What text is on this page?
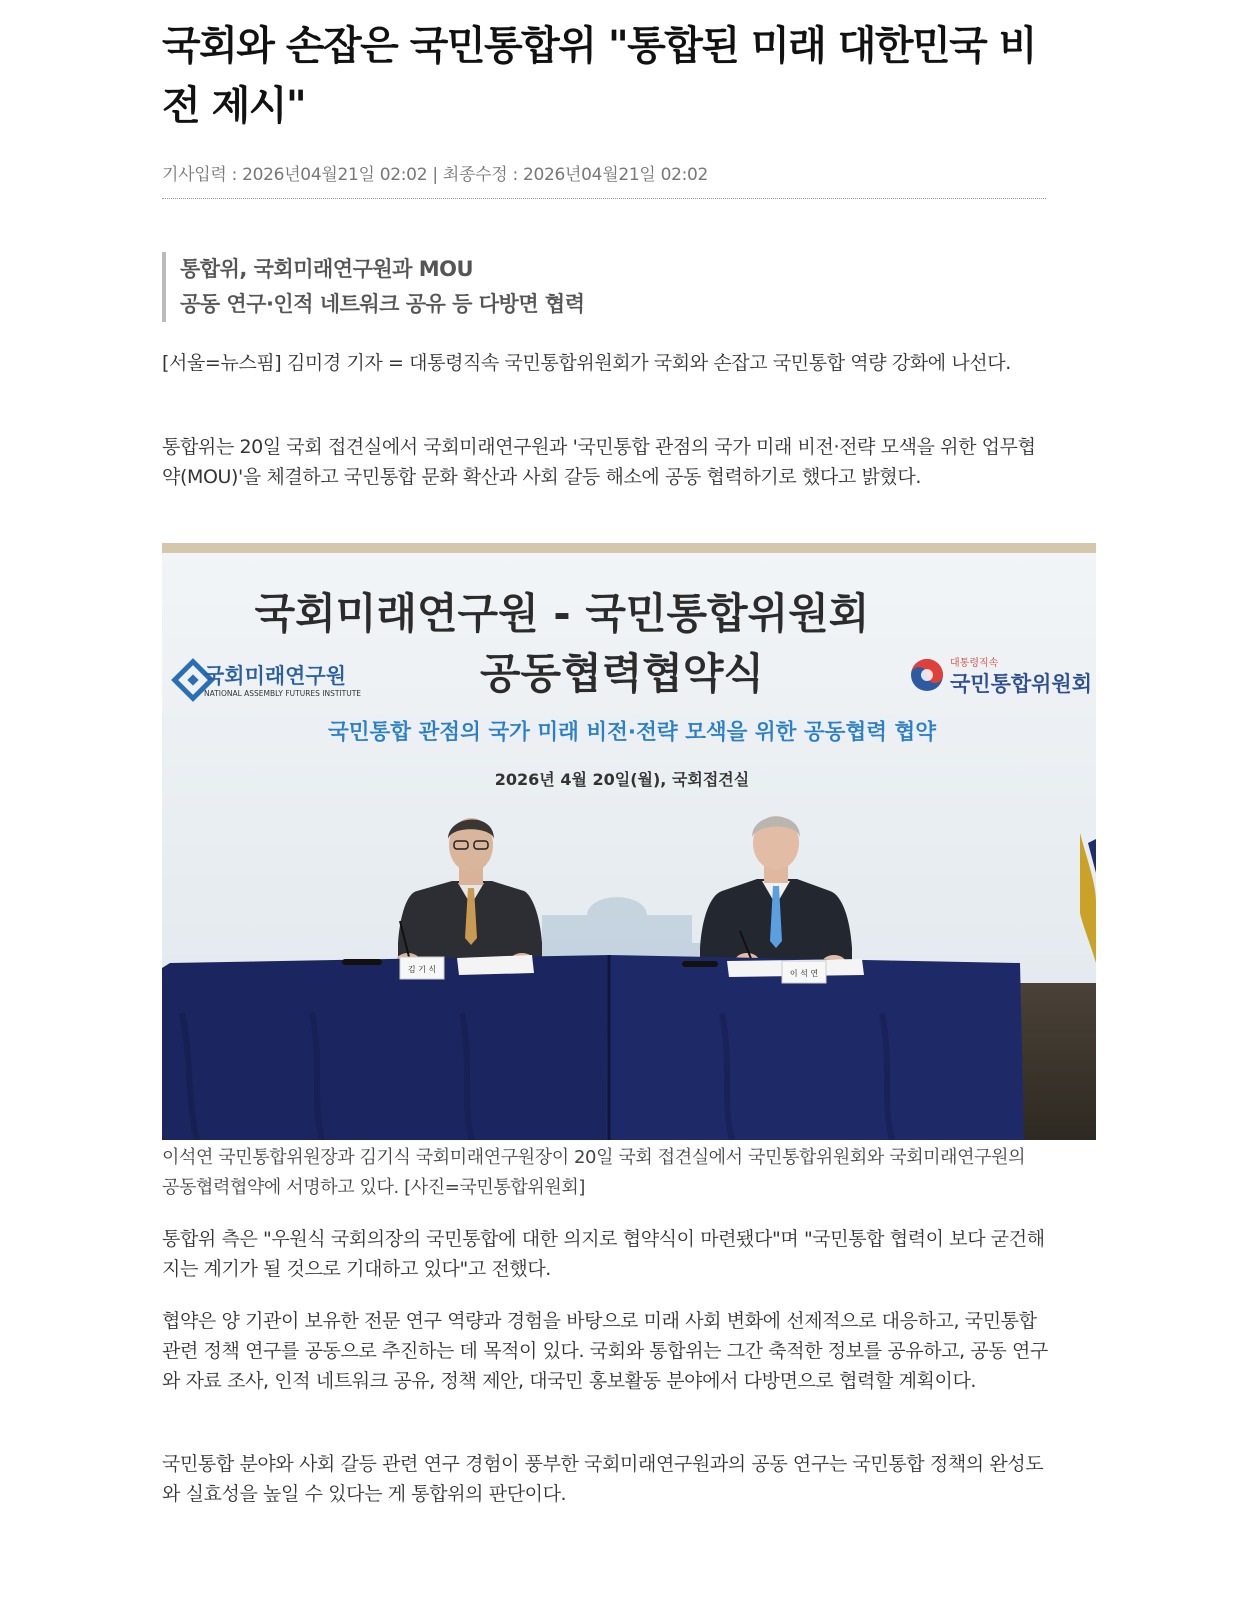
국회와 손잡은 국민통합위 "통합된 미래 대한민국 비전 제시"
기사입력 : 2026년04월21일 02:02 | 최종수정 : 2026년04월21일 02:02
통합위, 국회미래연구원과 MOU
공동 연구·인적 네트워크 공유 등 다방면 협력

[서울=뉴스핌] 김미경 기자 = 대통령직속 국민통합위원회가 국회와 손잡고 국민통합 역량 강화에 나선다.

통합위는 20일 국회 접견실에서 국회미래연구원과 '국민통합 관점의 국가 미래 비전·전략 모색을 위한 업무협약(MOU)'을 체결하고 국민통합 문화 확산과 사회 갈등 해소에 공동 협력하기로 했다고 밝혔다.

국회미래연구원 - 국민통합위원회
공동협력협약식
국회미래연구원
NATIONAL ASSEMBLY FUTURES INSTITUTE
대통령직속
국민통합위원회
국민통합 관점의 국가 미래 비전·전략 모색을 위한 공동협력 협약
2026년 4월 20일(월), 국회접견실
김 기 식	이 석 연

이석연 국민통합위원장과 김기식 국회미래연구원장이 20일 국회 접견실에서 국민통합위원회와 국회미래연구원의 공동협력협약에 서명하고 있다. [사진=국민통합위원회]

통합위 측은 "우원식 국회의장의 국민통합에 대한 의지로 협약식이 마련됐다"며 "국민통합 협력이 보다 굳건해지는 계기가 될 것으로 기대하고 있다"고 전했다.

협약은 양 기관이 보유한 전문 연구 역량과 경험을 바탕으로 미래 사회 변화에 선제적으로 대응하고, 국민통합 관련 정책 연구를 공동으로 추진하는 데 목적이 있다. 국회와 통합위는 그간 축적한 정보를 공유하고, 공동 연구와 자료 조사, 인적 네트워크 공유, 정책 제안, 대국민 홍보활동 분야에서 다방면으로 협력할 계획이다.

국민통합 분야와 사회 갈등 관련 연구 경험이 풍부한 국회미래연구원과의 공동 연구는 국민통합 정책의 완성도와 실효성을 높일 수 있다는 게 통합위의 판단이다.
